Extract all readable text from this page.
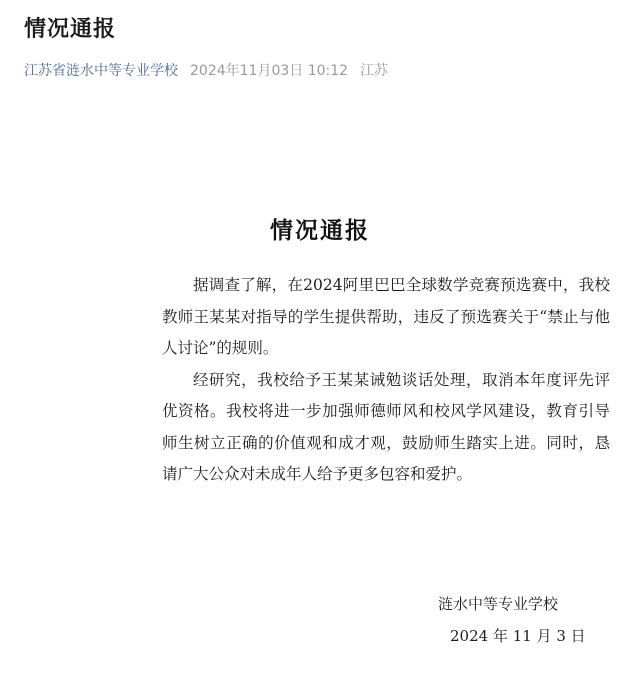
情况通报
江苏省涟水中等专业学校 2024年11月03日 10:12 江苏
情况通报

据调查了解，在2024阿里巴巴全球数学竞赛预选赛中，我校教师王某某对指导的学生提供帮助，违反了预选赛关于“禁止与他人讨论”的规则。

经研究，我校给予王某某诫勉谈话处理，取消本年度评先评优资格。我校将进一步加强师德师风和校风学风建设，教育引导师生树立正确的价值观和成才观，鼓励师生踏实上进。同时，恳请广大公众对未成年人给予更多包容和爱护。

涟水中等专业学校
2024 年 11 月 3 日
